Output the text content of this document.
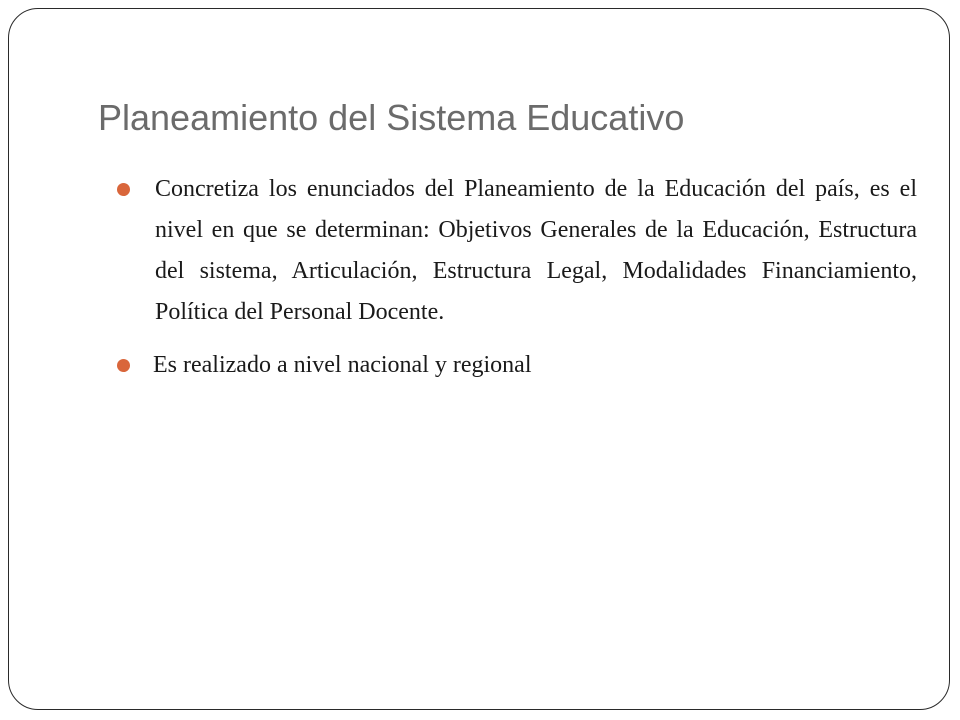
Planeamiento del Sistema Educativo
Concretiza los enunciados del Planeamiento de la Educación del país, es el nivel en que se determinan: Objetivos Generales de la Educación, Estructura del sistema, Articulación, Estructura Legal, Modalidades Financiamiento, Política del Personal Docente.
Es realizado a nivel nacional y regional
